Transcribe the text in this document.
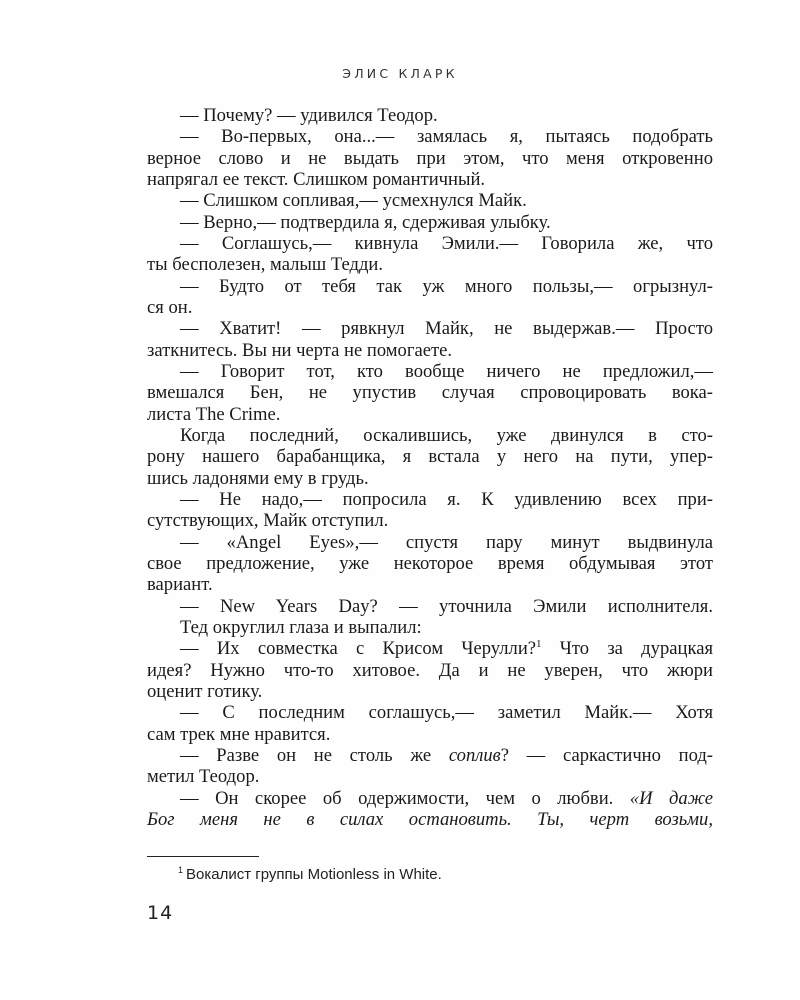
ЭЛИС КЛАРК
— Почему? — удивился Теодор.
— Во-первых, она...— замялась я, пытаясь подобрать
верное слово и не выдать при этом, что меня откровенно
напрягал ее текст. Слишком романтичный.
— Слишком сопливая,— усмехнулся Майк.
— Верно,— подтвердила я, сдерживая улыбку.
— Соглашусь,— кивнула Эмили.— Говорила же, что
ты бесполезен, малыш Тедди.
— Будто от тебя так уж много пользы,— огрызнул-
ся он.
— Хватит! — рявкнул Майк, не выдержав.— Просто
заткнитесь. Вы ни черта не помогаете.
— Говорит тот, кто вообще ничего не предложил,—
вмешался Бен, не упустив случая спровоцировать вока-
листа The Crime.
Когда последний, оскалившись, уже двинулся в сто-
рону нашего барабанщика, я встала у него на пути, упер-
шись ладонями ему в грудь.
— Не надо,— попросила я. К удивлению всех при-
сутствующих, Майк отступил.
— «Angel Eyes»,— спустя пару минут выдвинула
свое предложение, уже некоторое время обдумывая этот
вариант.
— New Years Day? — уточнила Эмили исполнителя.
Тед округлил глаза и выпалил:
— Их совместка с Крисом Черулли?$^1$ Что за дурацкая
идея? Нужно что-то хитовое. Да и не уверен, что жюри
оценит готику.
— С последним соглашусь,— заметил Майк.— Хотя
сам трек мне нравится.
— Разве он не столь же соплив? — саркастично под-
метил Теодор.
— Он скорее об одержимости, чем о любви. «И даже
Бог меня не в силах остановить. Ты, черт возьми,
$^1$ Вокалист группы Motionless in White.
14
